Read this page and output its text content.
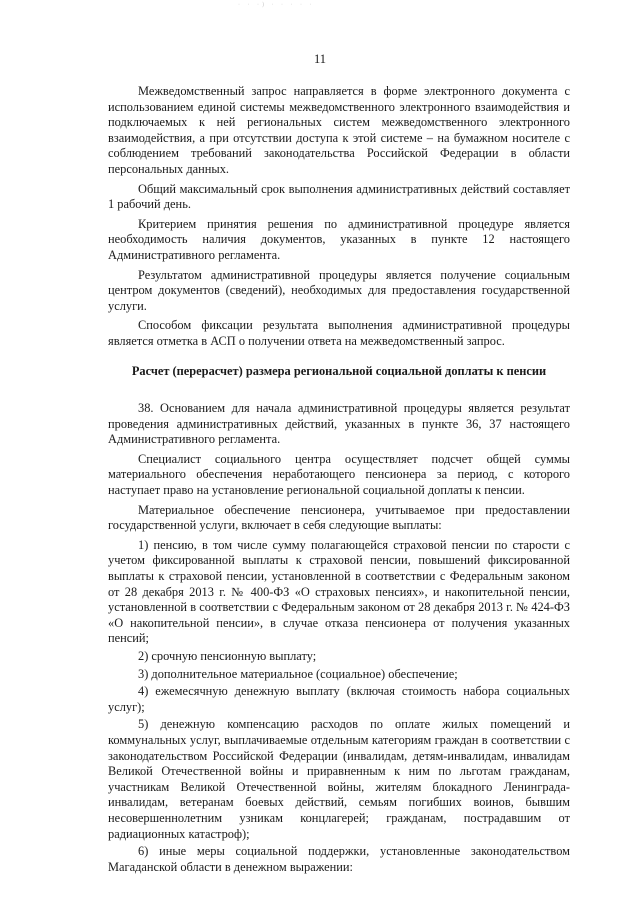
· · ·) · · · · ·
11

Межведомственный запрос направляется в форме электронного документа с использованием единой системы межведомственного электронного взаимодействия и подключаемых к ней региональных систем межведомственного электронного взаимодействия, а при отсутствии доступа к этой системе – на бумажном носителе с соблюдением требований законодательства Российской Федерации в области персональных данных.

Общий максимальный срок выполнения административных действий составляет 1 рабочий день.

Критерием принятия решения по административной процедуре является необходимость наличия документов, указанных в пункте 12 настоящего Административного регламента.

Результатом административной процедуры является получение социальным центром документов (сведений), необходимых для предоставления государственной услуги.

Способом фиксации результата выполнения административной процедуры является отметка в АСП о получении ответа на межведомственный запрос.

Расчет (перерасчет) размера региональной социальной доплаты к пенсии

38. Основанием для начала административной процедуры является результат проведения административных действий, указанных в пункте 36, 37 настоящего Административного регламента.

Специалист социального центра осуществляет подсчет общей суммы материального обеспечения неработающего пенсионера за период, с которого наступает право на установление региональной социальной доплаты к пенсии.

Материальное обеспечение пенсионера, учитываемое при предоставлении государственной услуги, включает в себя следующие выплаты:

1) пенсию, в том числе сумму полагающейся страховой пенсии по старости с учетом фиксированной выплаты к страховой пенсии, повышений фиксированной выплаты к страховой пенсии, установленной в соответствии с Федеральным законом от 28 декабря 2013 г. № 400-ФЗ «О страховых пенсиях», и накопительной пенсии, установленной в соответствии с Федеральным законом от 28 декабря 2013 г. № 424-ФЗ «О накопительной пенсии», в случае отказа пенсионера от получения указанных пенсий;

2) срочную пенсионную выплату;

3) дополнительное материальное (социальное) обеспечение;

4) ежемесячную денежную выплату (включая стоимость набора социальных услуг);

5) денежную компенсацию расходов по оплате жилых помещений и коммунальных услуг, выплачиваемые отдельным категориям граждан в соответствии с законодательством Российской Федерации (инвалидам, детям-инвалидам, инвалидам Великой Отечественной войны и приравненным к ним по льготам гражданам, участникам Великой Отечественной войны, жителям блокадного Ленинграда-инвалидам, ветеранам боевых действий, семьям погибших воинов, бывшим несовершеннолетним узникам концлагерей; гражданам, пострадавшим от радиационных катастроф);

6) иные меры социальной поддержки, установленные законодательством Магаданской области в денежном выражении:
